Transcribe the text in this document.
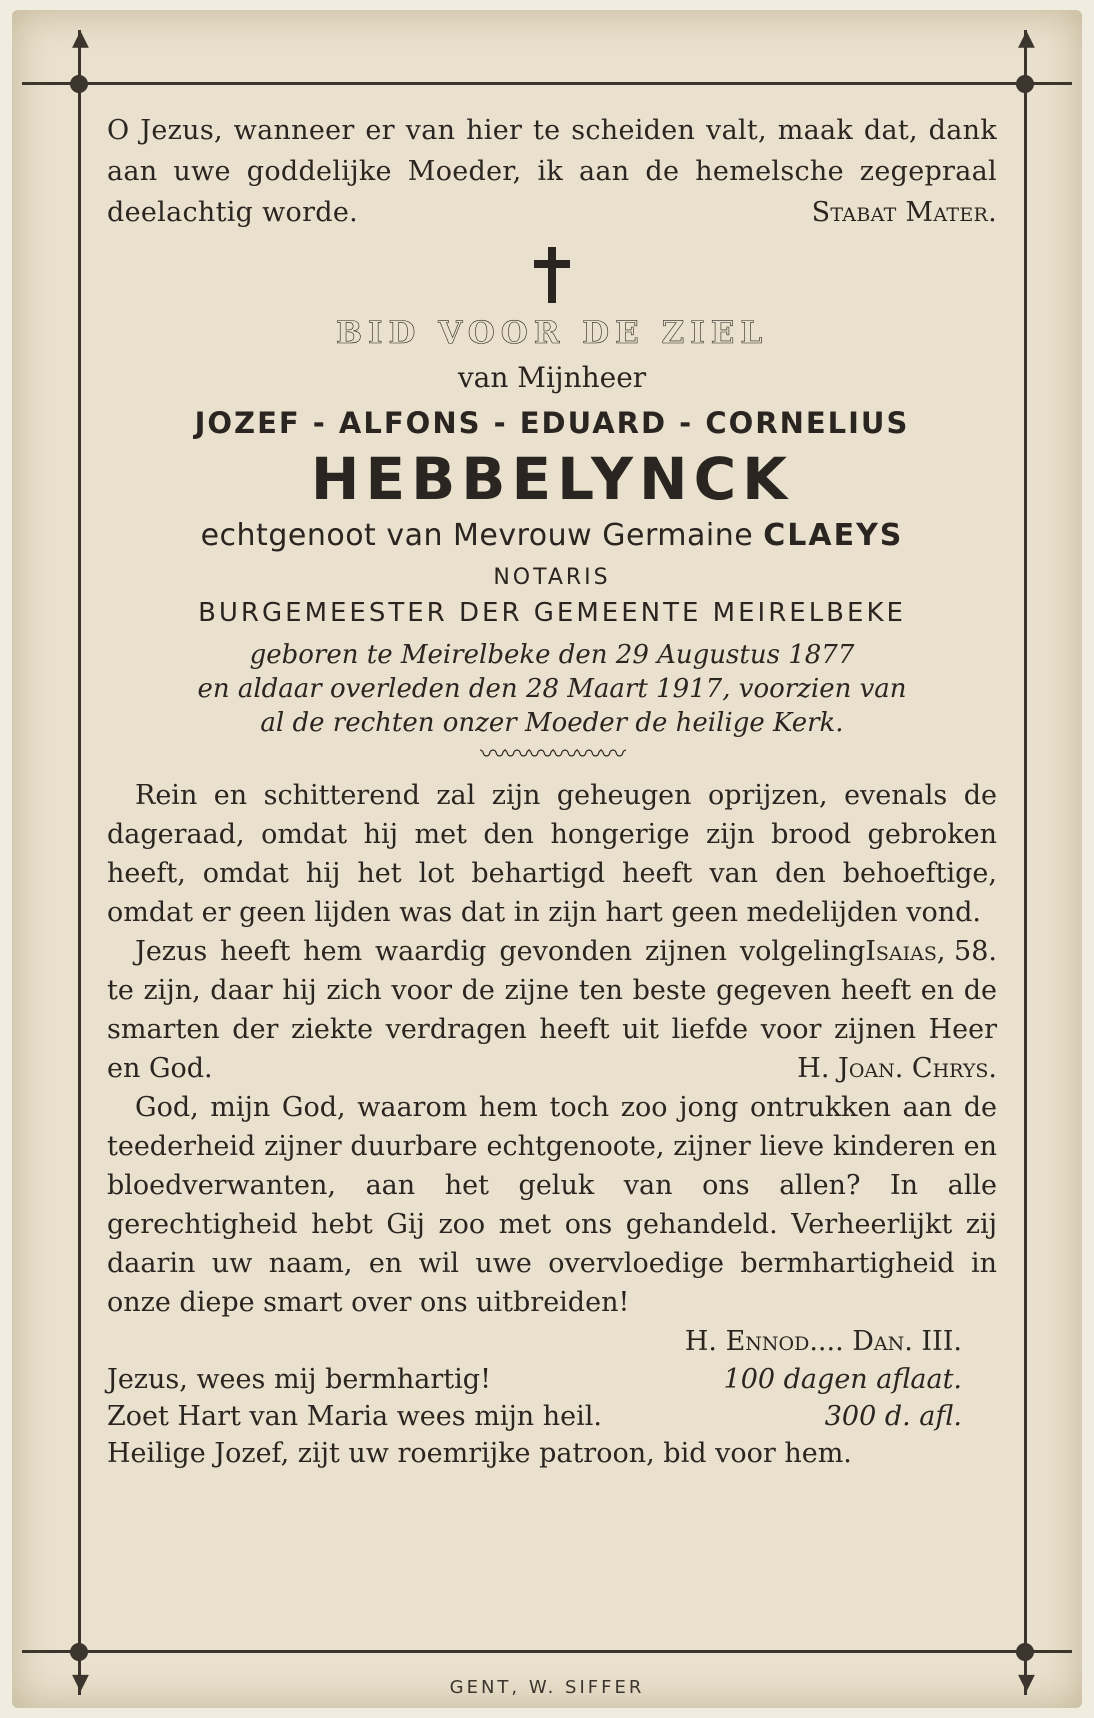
▲	▲
▼	▼

O Jezus, wanneer er van hier te scheiden valt, maak dat, dank aan uwe goddelijke Moeder, ik aan de hemelsche zegepraal deelachtig worde.	Stabat Mater.

BID VOOR DE ZIEL
van Mijnheer
JOZEF - ALFONS - EDUARD - CORNELIUS
HEBBELYNCK
echtgenoot van Mevrouw Germaine CLAEYS
NOTARIS
BURGEMEESTER DER GEMEENTE MEIRELBEKE
geboren te Meirelbeke den 29 Augustus 1877
en aldaar overleden den 28 Maart 1917, voorzien van
al de rechten onzer Moeder de heilige Kerk.
〰〰〰〰〰〰

Rein en schitterend zal zijn geheugen oprijzen, evenals de dageraad, omdat hij met den hongerige zijn brood gebroken heeft, omdat hij het lot behartigd heeft van den behoeftige, omdat er geen lijden was dat in zijn hart geen medelijden vond.
Isaias, 58.

Jezus heeft hem waardig gevonden zijnen volgeling te zijn, daar hij zich voor de zijne ten beste gegeven heeft en de smarten der ziekte verdragen heeft uit liefde voor zijnen Heer en God.	H. Joan. Chrys.

God, mijn God, waarom hem toch zoo jong ontrukken aan de teederheid zijner duurbare echtgenoote, zijner lieve kinderen en bloedverwanten, aan het geluk van ons allen? In alle gerechtigheid hebt Gij zoo met ons gehandeld. Verheerlijkt zij daarin uw naam, en wil uwe overvloedige bermhartigheid in onze diepe smart over ons uitbreiden!

H. Ennod.... Dan. III.
Jezus, wees mij bermhartig!	100 dagen aflaat.
Zoet Hart van Maria wees mijn heil.	300 d. afl.
Heilige Jozef, zijt uw roemrijke patroon, bid voor hem.
GENT, W. SIFFER
